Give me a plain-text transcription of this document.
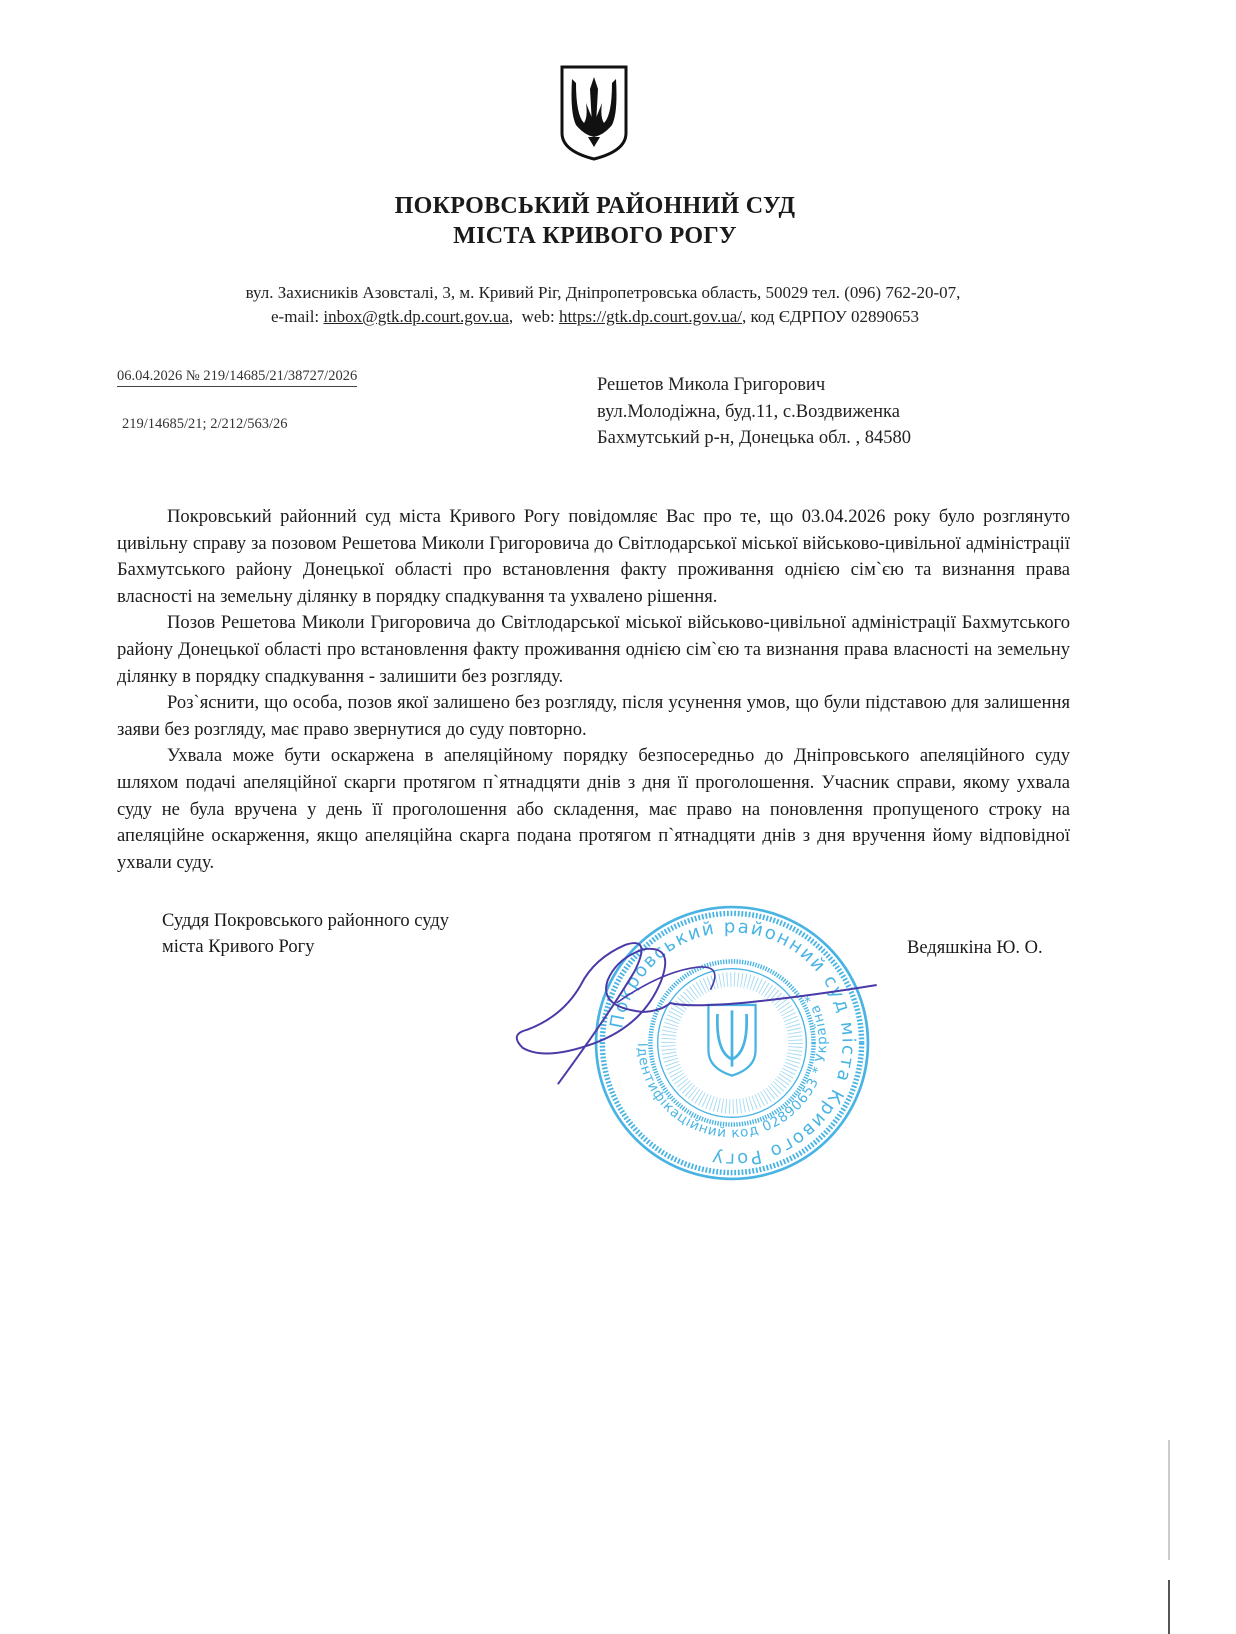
ПОКРОВСЬКИЙ РАЙОННИЙ СУД
МІСТА КРИВОГО РОГУ
вул. Захисників Азовсталі, 3, м. Кривий Ріг, Дніпропетровська область, 50029 тел. (096) 762-20-07,
e-mail: inbox@gtk.dp.court.gov.ua,  web: https://gtk.dp.court.gov.ua/, код ЄДРПОУ 02890653
06.04.2026 № 219/14685/21/38727/2026
219/14685/21; 2/212/563/26
Решетов Микола Григорович
вул.Молодіжна, буд.11, с.Воздвиженка
Бахмутський р-н, Донецька обл. , 84580

Покровський районний суд міста Кривого Рогу повідомляє Вас про те, що 03.04.2026 року було розглянуто цивільну справу за позовом Решетова Миколи Григоровича до Світлодарської міської військово-цивільної адміністрації Бахмутського району Донецької області про встановлення факту проживання однією сім`єю та визнання права власності на земельну ділянку в порядку спадкування та ухвалено рішення.

Позов Решетова Миколи Григоровича до Світлодарської міської військово-цивільної адміністрації Бахмутського району Донецької області про встановлення факту проживання однією сім`єю та визнання права власності на земельну ділянку в порядку спадкування - залишити без розгляду.

Роз`яснити, що особа, позов якої залишено без розгляду, після усунення умов, що були підставою для залишення заяви без розгляду, має право звернутися до суду повторно.

Ухвала може бути оскаржена в апеляційному порядку безпосередньо до Дніпровського апеляційного суду шляхом подачі апеляційної скарги протягом п`ятнадцяти днів з дня її проголошення. Учасник справи, якому ухвала суду не була вручена у день її проголошення або складення, має право на поновлення пропущеного строку на апеляційне оскарження, якщо апеляційна скарга подана протягом п`ятнадцяти днів з дня вручення йому відповідної ухвали суду.

Суддя Покровського районного суду
міста Кривого Рогу
Покровський районний суд міста Кривого Рогу
Ідентифікаційний код 02890653 * Україна *
Ведяшкіна Ю. О.
